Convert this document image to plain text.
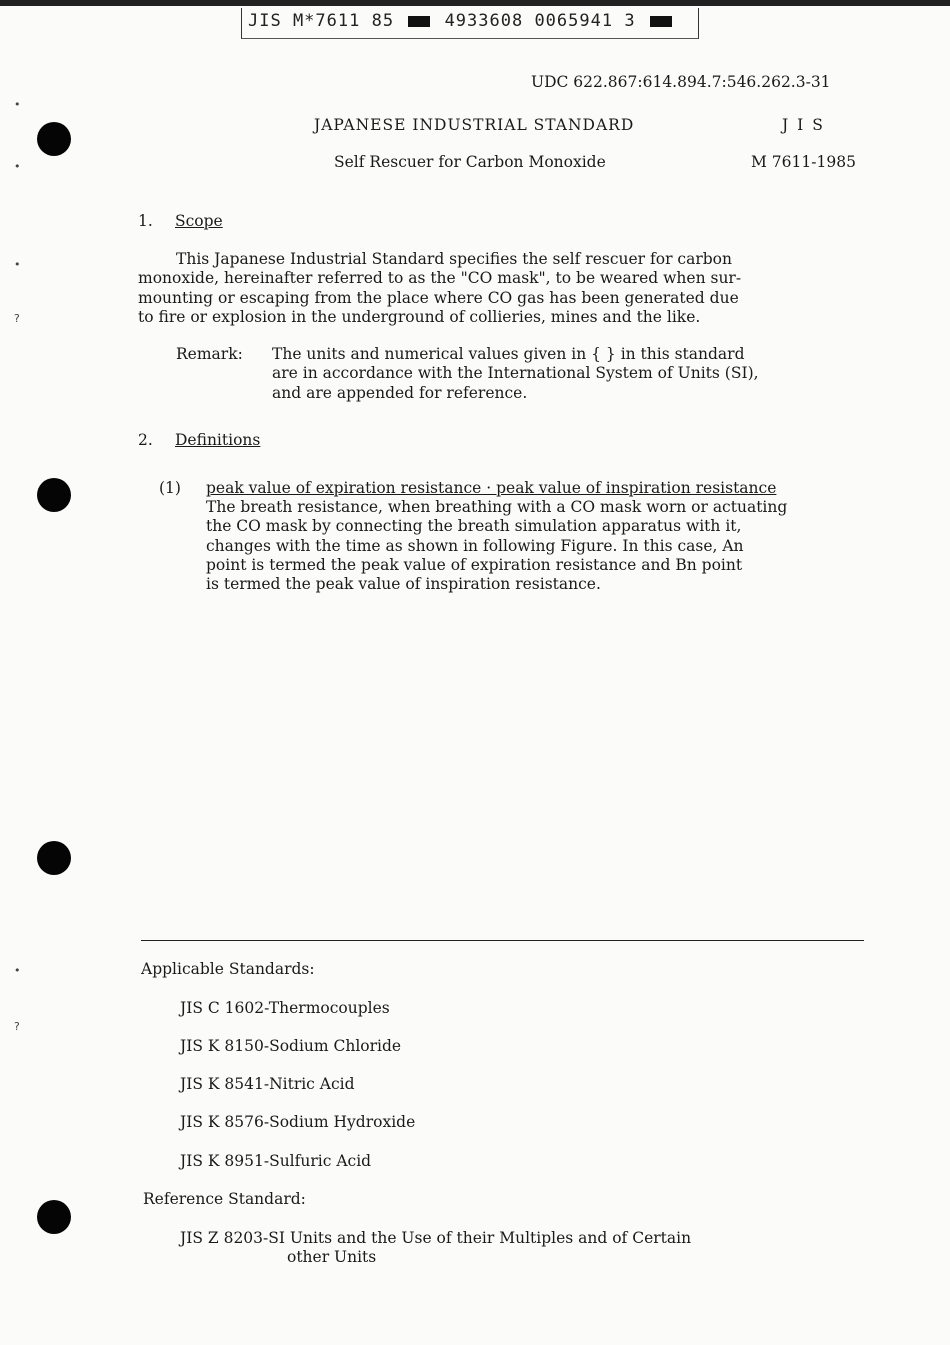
•
•
•
?
•
?
JIS M*7611 85	4933608 0065941 3
UDC 622.867:614.894.7:546.262.3-31
JAPANESE INDUSTRIAL STANDARD	J I S
Self Rescuer for Carbon Monoxide	M 7611-1985
1. Scope
This Japanese Industrial Standard specifies the self rescuer for carbon
monoxide, hereinafter referred to as the "CO mask", to be weared when sur-
mounting or escaping from the place where CO gas has been generated due
to fire or explosion in the underground of collieries, mines and the like.
Remark: The units and numerical values given in { } in this standard
are in accordance with the International System of Units (SI),
and are appended for reference.
2. Definitions
(1) peak value of expiration resistance · peak value of inspiration resistance
The breath resistance, when breathing with a CO mask worn or actuating
the CO mask by connecting the breath simulation apparatus with it,
changes with the time as shown in following Figure. In this case, An
point is termed the peak value of expiration resistance and Bn point
is termed the peak value of inspiration resistance.
Applicable Standards:
JIS C 1602-Thermocouples
JIS K 8150-Sodium Chloride
JIS K 8541-Nitric Acid
JIS K 8576-Sodium Hydroxide
JIS K 8951-Sulfuric Acid
Reference Standard:
JIS Z 8203-SI Units and the Use of their Multiples and of Certain
other Units
